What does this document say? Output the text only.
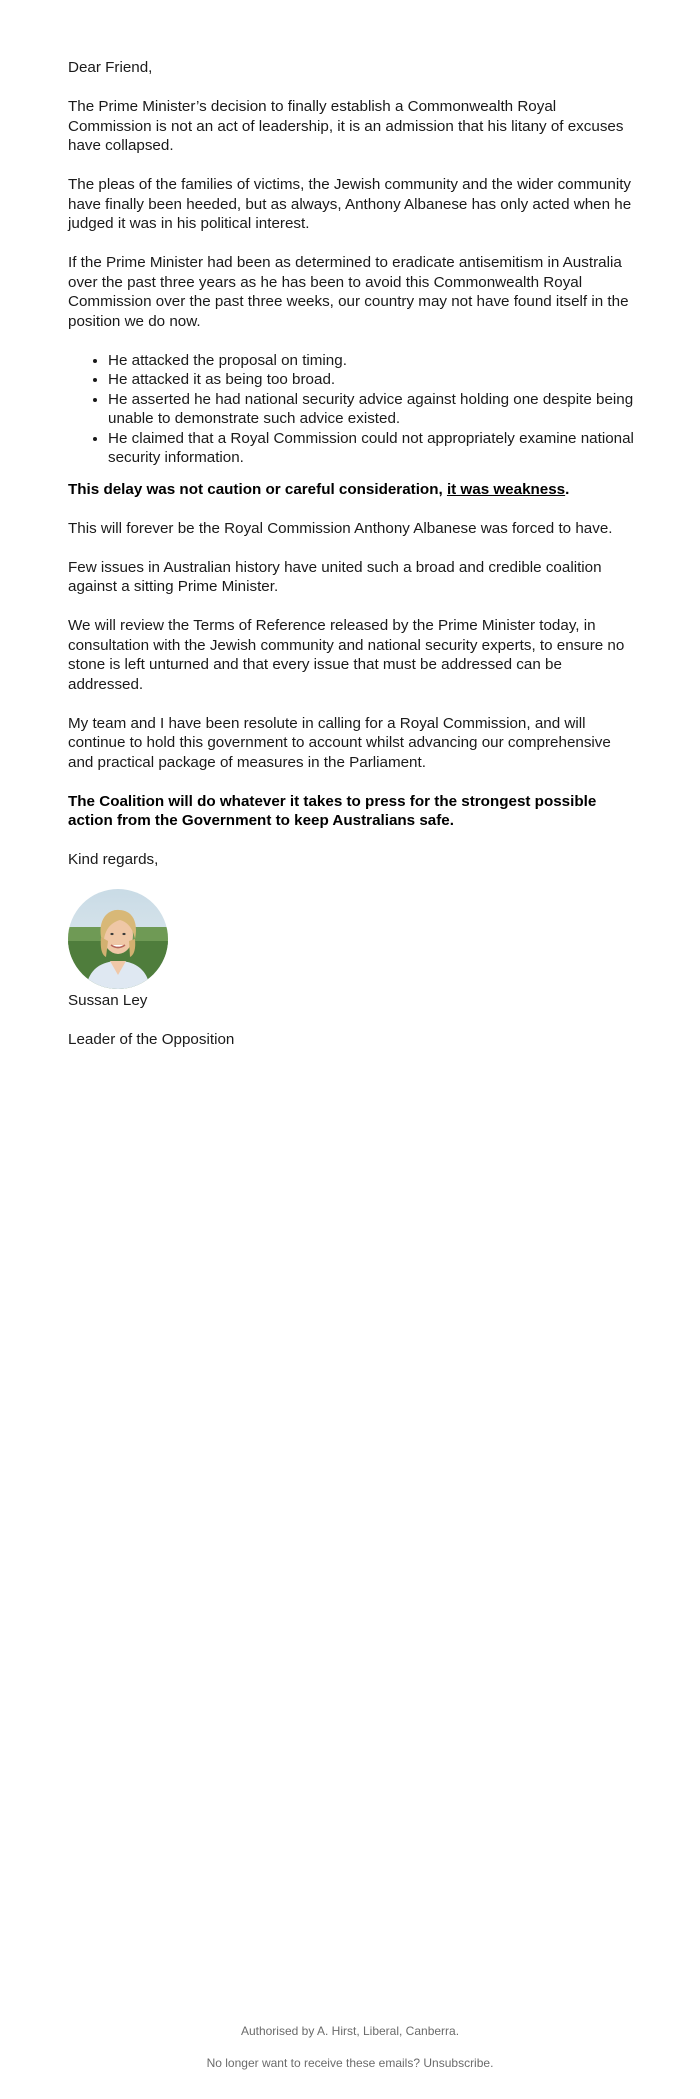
Dear Friend,

The Prime Minister’s decision to finally establish a Commonwealth Royal Commission is not an act of leadership, it is an admission that his litany of excuses have collapsed.

The pleas of the families of victims, the Jewish community and the wider community have finally been heeded, but as always, Anthony Albanese has only acted when he judged it was in his political interest.

If the Prime Minister had been as determined to eradicate antisemitism in Australia over the past three years as he has been to avoid this Commonwealth Royal Commission over the past three weeks, our country may not have found itself in the position we do now.

• He attacked the proposal on timing.
• He attacked it as being too broad.
• He asserted he had national security advice against holding one despite being unable to demonstrate such advice existed.
• He claimed that a Royal Commission could not appropriately examine national security information.

This delay was not caution or careful consideration, it was weakness.

This will forever be the Royal Commission Anthony Albanese was forced to have.

Few issues in Australian history have united such a broad and credible coalition against a sitting Prime Minister.

We will review the Terms of Reference released by the Prime Minister today, in consultation with the Jewish community and national security experts, to ensure no stone is left unturned and that every issue that must be addressed can be addressed.

My team and I have been resolute in calling for a Royal Commission, and will continue to hold this government to account whilst advancing our comprehensive and practical package of measures in the Parliament.

The Coalition will do whatever it takes to press for the strongest possible action from the Government to keep Australians safe.

Kind regards,

Sussan Ley

Leader of the Opposition

Authorised by A. Hirst, Liberal, Canberra.
No longer want to receive these emails? Unsubscribe.
